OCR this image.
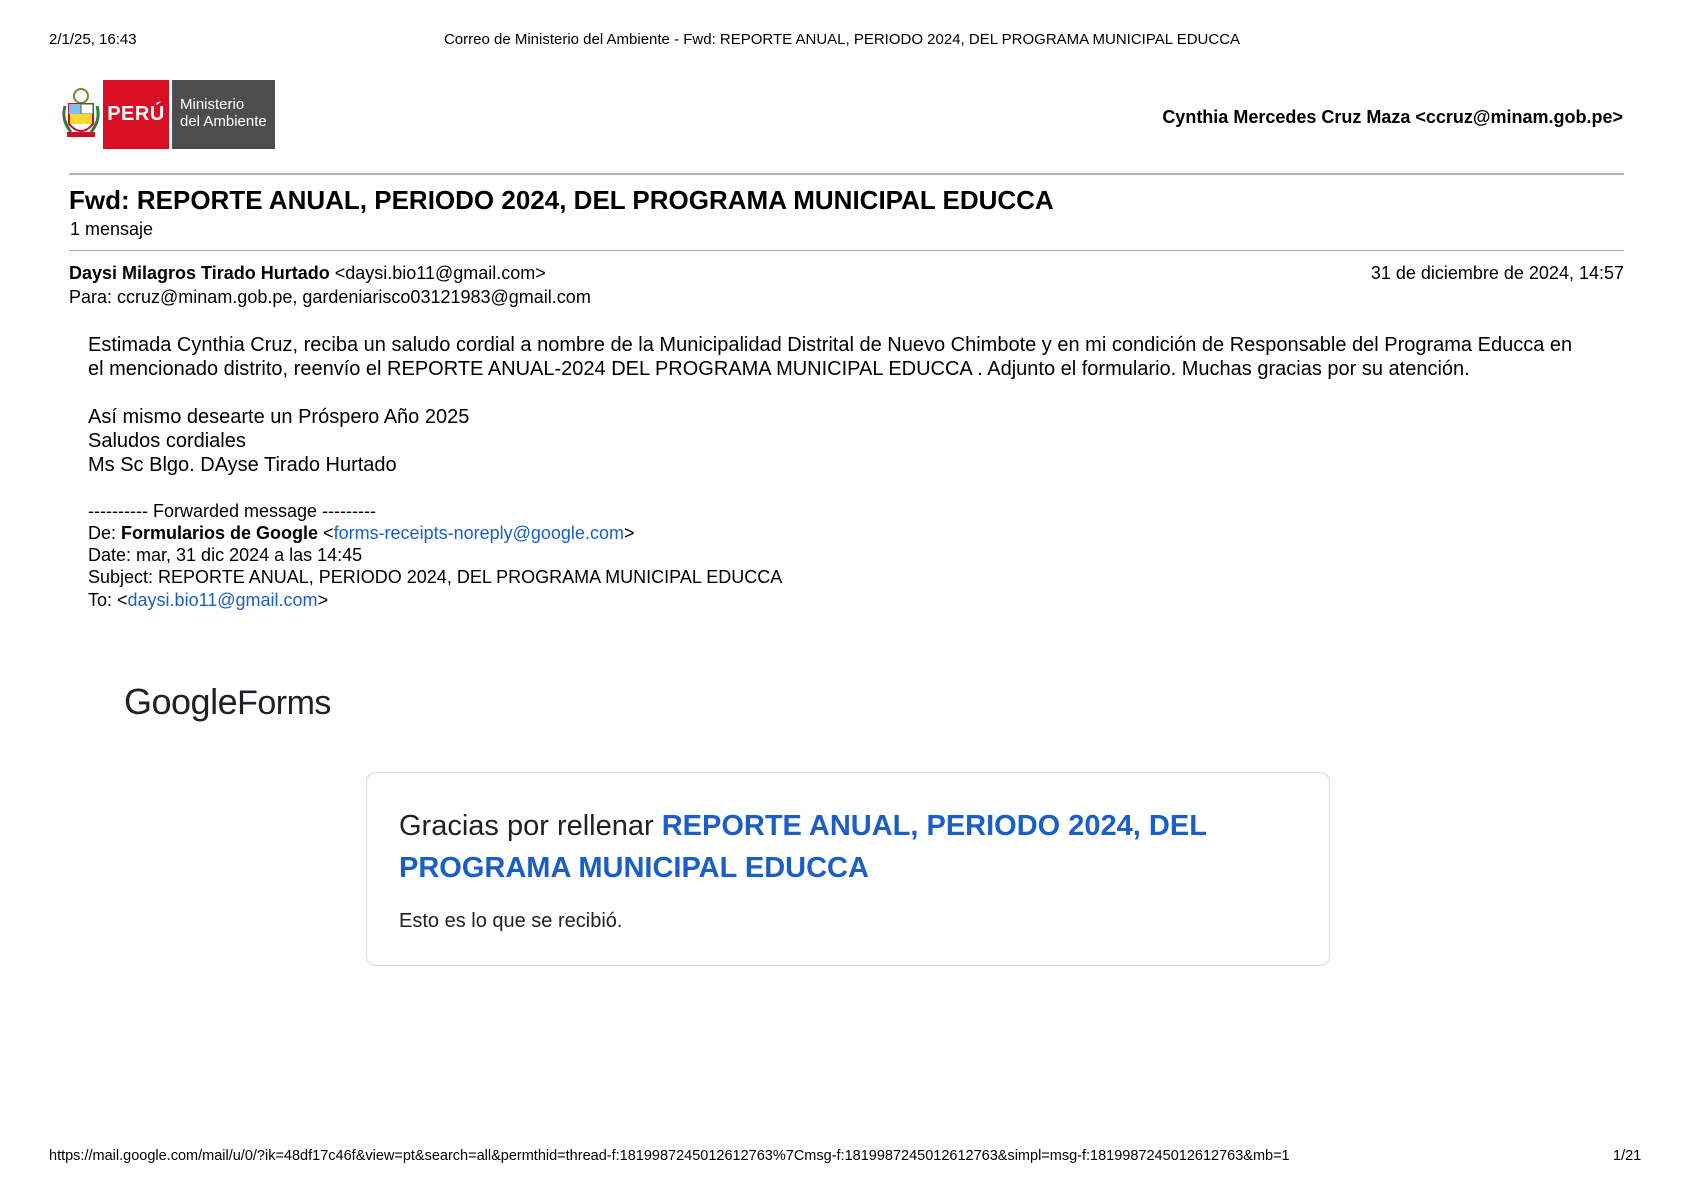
2/1/25, 16:43	Correo de Ministerio del Ambiente - Fwd: REPORTE ANUAL, PERIODO 2024, DEL PROGRAMA MUNICIPAL EDUCCA
PERÚ Ministerio
del Ambiente	Cynthia Mercedes Cruz Maza <ccruz@minam.gob.pe>
Fwd: REPORTE ANUAL, PERIODO 2024, DEL PROGRAMA MUNICIPAL EDUCCA
1 mensaje
Daysi Milagros Tirado Hurtado <daysi.bio11@gmail.com>	31 de diciembre de 2024, 14:57
Para: ccruz@minam.gob.pe, gardeniarisco03121983@gmail.com
Estimada Cynthia Cruz, reciba un saludo cordial a nombre de la Municipalidad Distrital de Nuevo Chimbote y en mi condición de Responsable del Programa Educca en el mencionado distrito, reenvío el REPORTE ANUAL-2024 DEL PROGRAMA MUNICIPAL EDUCCA . Adjunto el formulario. Muchas gracias por su atención.
Así mismo desearte un Próspero Año 2025
Saludos cordiales
Ms Sc Blgo. DAyse Tirado Hurtado
---------- Forwarded message ---------
De: Formularios de Google <forms-receipts-noreply@google.com>
Date: mar, 31 dic 2024 a las 14:45
Subject: REPORTE ANUAL, PERIODO 2024, DEL PROGRAMA MUNICIPAL EDUCCA
To: <daysi.bio11@gmail.com>
GoogleForms
Gracias por rellenar REPORTE ANUAL, PERIODO 2024, DEL PROGRAMA MUNICIPAL EDUCCA
Esto es lo que se recibió.
https://mail.google.com/mail/u/0/?ik=48df17c46f&view=pt&search=all&permthid=thread-f:1819987245012612763%7Cmsg-f:1819987245012612763&simpl=msg-f:1819987245012612763&mb=1	1/21
